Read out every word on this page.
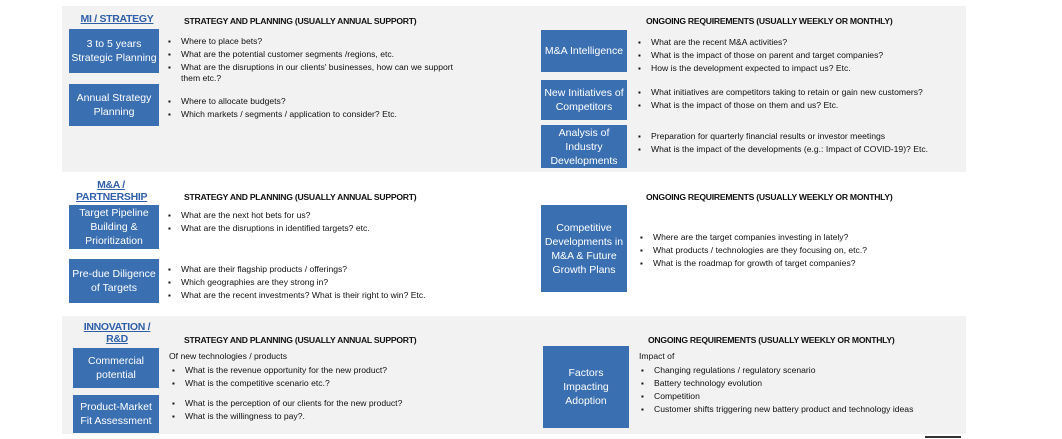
MI / STRATEGY	STRATEGY AND PLANNING (USUALLY ANNUAL SUPPORT)	ONGOING REQUIREMENTS (USUALLY WEEKLY OR MONTHLY)
3 to 5 years Strategic Planning
▪ Where to place bets?
▪ What are the potential customer segments /regions, etc.
▪ What are the disruptions in our clients' businesses, how can we support them etc.?
Annual Strategy Planning
▪ Where to allocate budgets?
▪ Which markets / segments / application to consider? Etc.
M&A Intelligence
▪ What are the recent M&A activities?
▪ What is the impact of those on parent and target companies?
▪ How is the development expected to impact us? Etc.
New Initiatives of Competitors
▪ What initiatives are competitors taking to retain or gain new customers?
▪ What is the impact of those on them and us? Etc.
Analysis of Industry Developments
▪ Preparation for quarterly financial results or investor meetings
▪ What is the impact of the developments (e.g.: Impact of COVID-19)? Etc.
M&A / PARTNERSHIP	STRATEGY AND PLANNING (USUALLY ANNUAL SUPPORT)	ONGOING REQUIREMENTS (USUALLY WEEKLY OR MONTHLY)
Target Pipeline Building & Prioritization
▪ What are the next hot bets for us?
▪ What are the disruptions in identified targets? etc.
Pre-due Diligence of Targets
▪ What are their flagship products / offerings?
▪ Which geographies are they strong in?
▪ What are the recent investments? What is their right to win? Etc.
Competitive Developments in M&A & Future Growth Plans
▪ Where are the target companies investing in lately?
▪ What products / technologies are they focusing on, etc.?
▪ What is the roadmap for growth of target companies?
INNOVATION / R&D	STRATEGY AND PLANNING (USUALLY ANNUAL SUPPORT)	ONGOING REQUIREMENTS (USUALLY WEEKLY OR MONTHLY)
Of new technologies / products
Commercial potential
▪	What is the revenue opportunity for the new product?
▪ What is the competitive scenario etc.?
Product-Market Fit Assessment
▪ What is the perception of our clients for the new product?
▪ What is the willingness to pay?.
Impact of
Factors Impacting Adoption
▪ Changing regulations / regulatory scenario
▪ Battery technology evolution
▪ Competition
▪ Customer shifts triggering new battery product and technology ideas
